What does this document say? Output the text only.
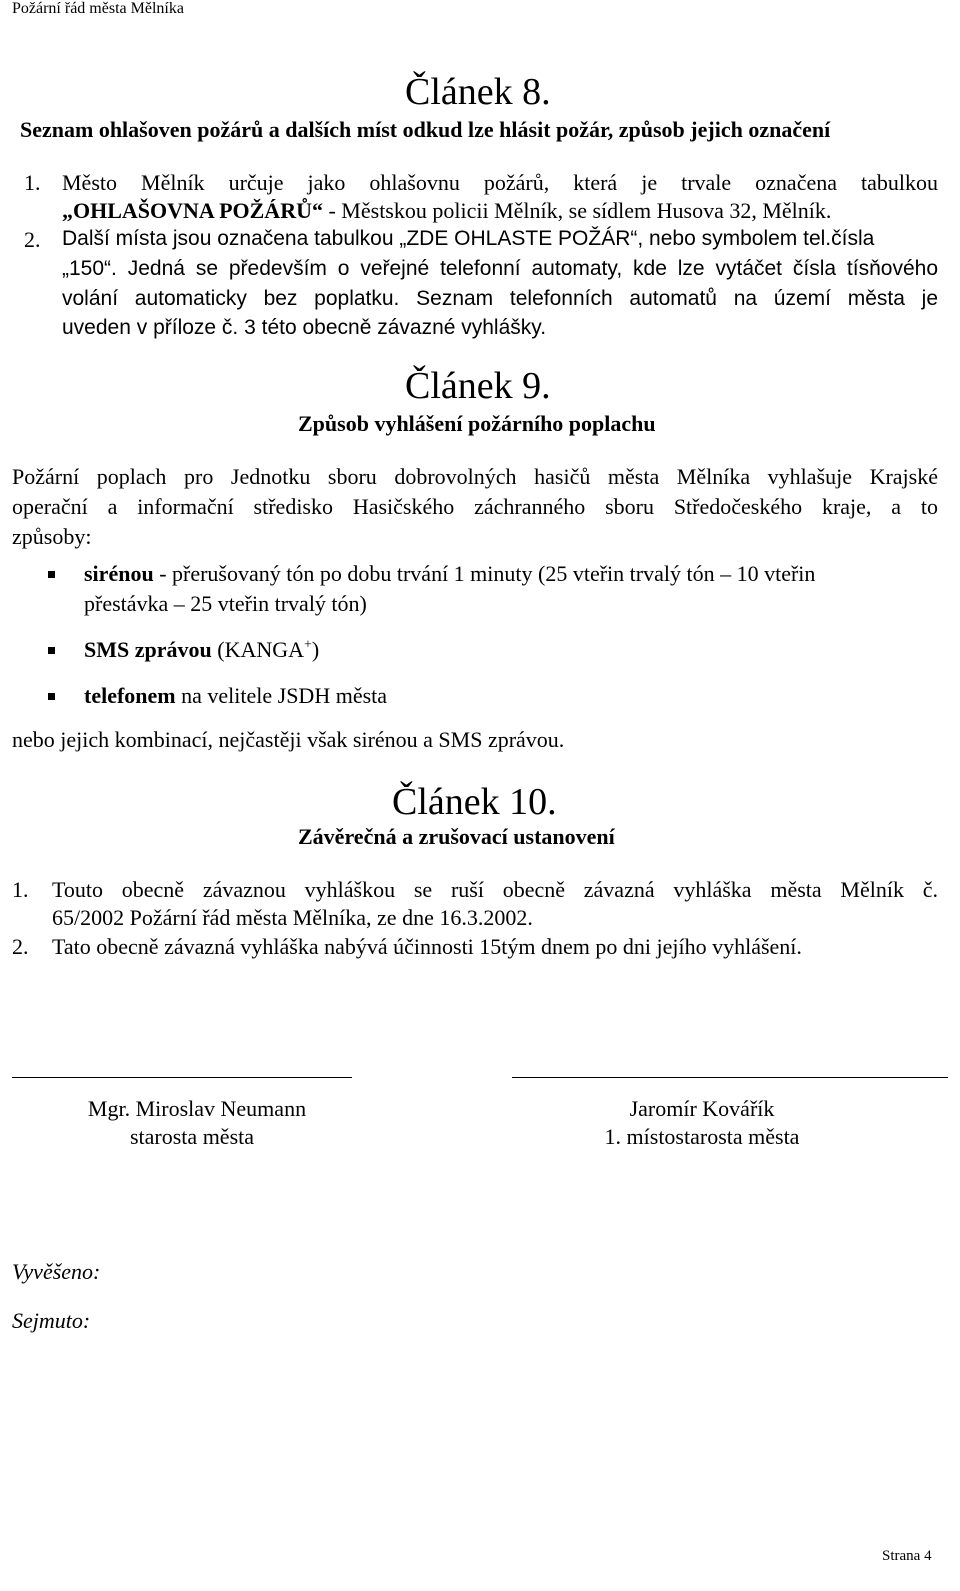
Požární řád města Mělníka
Článek 8.
Seznam ohlašoven požárů a dalších míst odkud lze hlásit požár, způsob jejich označení
1. Město Mělník určuje jako ohlašovnu požárů, která je trvale označena tabulkou
„OHLAŠOVNA POŽÁRŮ“ - Městskou policii Mělník, se sídlem Husova 32, Mělník.
2. Další místa jsou označena tabulkou „ZDE OHLASTE POŽÁR“, nebo symbolem tel.čísla
„150“. Jedná se především o veřejné telefonní automaty, kde lze vytáčet čísla tísňového
volání automaticky bez poplatku. Seznam telefonních automatů na území města je
uveden v příloze č. 3 této obecně závazné vyhlášky.
Článek 9.
Způsob vyhlášení požárního poplachu
Požární poplach pro Jednotku sboru dobrovolných hasičů města Mělníka vyhlašuje Krajské
operační a informační středisko Hasičského záchranného sboru Středočeského kraje, a to
způsoby:
sirénou - přerušovaný tón po dobu trvání 1 minuty (25 vteřin trvalý tón – 10 vteřin
přestávka – 25 vteřin trvalý tón)
SMS zprávou (KANGA+)
telefonem na velitele JSDH města
nebo jejich kombinací, nejčastěji však sirénou a SMS zprávou.
Článek 10.
Závěrečná a zrušovací ustanovení
1. Touto obecně závaznou vyhláškou se ruší obecně závazná vyhláška města Mělník č.
65/2002 Požární řád města Mělníka, ze dne 16.3.2002.
2. Tato obecně závazná vyhláška nabývá účinnosti 15tým dnem po dni jejího vyhlášení.
Mgr. Miroslav Neumann
starosta města
Jaromír Kovářík
1. místostarosta města
Vyvěšeno:
Sejmuto:
Strana 4
